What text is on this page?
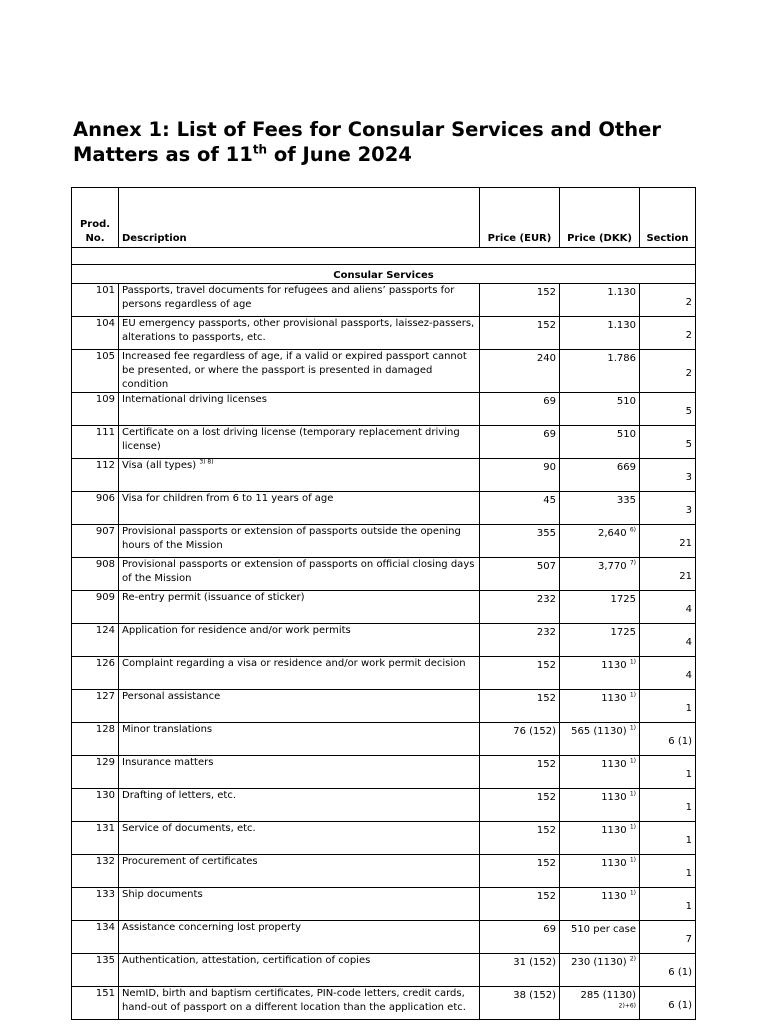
Annex 1: List of Fees for Consular Services and Other Matters as of 11th of June 2024
Prod.
No.	Description	Price (EUR)	Price (DKK)	Section

Consular Services				
101	Passports, travel documents for refugees and aliens’ passports for persons regardless of age	152	1.130	2
104	EU emergency passports, other provisional passports, laissez-passers, alterations to passports, etc.	152	1.130	2
105	Increased fee regardless of age, if a valid or expired passport cannot be presented, or where the passport is presented in damaged condition	240	1.786	2
109	International driving licenses	69	510	5
111	Certificate on a lost driving license (temporary replacement driving license)	69	510	5
112	Visa (all types) $^{3) 8)}$	90	669	3
906	Visa for children from 6 to 11 years of age	45	335	3
907	Provisional passports or extension of passports outside the opening hours of the Mission	355	2,640 $^{6)}$	21
908	Provisional passports or extension of passports on official closing days of the Mission	507	3,770 $^{7)}$	21
909	Re-entry permit (issuance of sticker)	232	1725	4
124	Application for residence and/or work permits	232	1725	4
126	Complaint regarding a visa or residence and/or work permit decision	152	1130 $^{1)}$	4
127	Personal assistance	152	1130 $^{1)}$	1
128	Minor translations	76 (152)	565 (1130) $^{1)}$	6 (1)
129	Insurance matters	152	1130 $^{1)}$	1
130	Drafting of letters, etc.	152	1130 $^{1)}$	1
131	Service of documents, etc.	152	1130 $^{1)}$	1
132	Procurement of certificates	152	1130 $^{1)}$	1
133	Ship documents	152	1130 $^{1)}$	1
134	Assistance concerning lost property	69	510 per case	7
135	Authentication, attestation, certification of copies	31 (152)	230 (1130) $^{2)}$	6 (1)
151	NemID, birth and baptism certificates, PIN-code letters, credit cards, hand-out of passport on a different location than the application etc.	38 (152)	285 (1130) $^{2)+6)}$	6 (1)
